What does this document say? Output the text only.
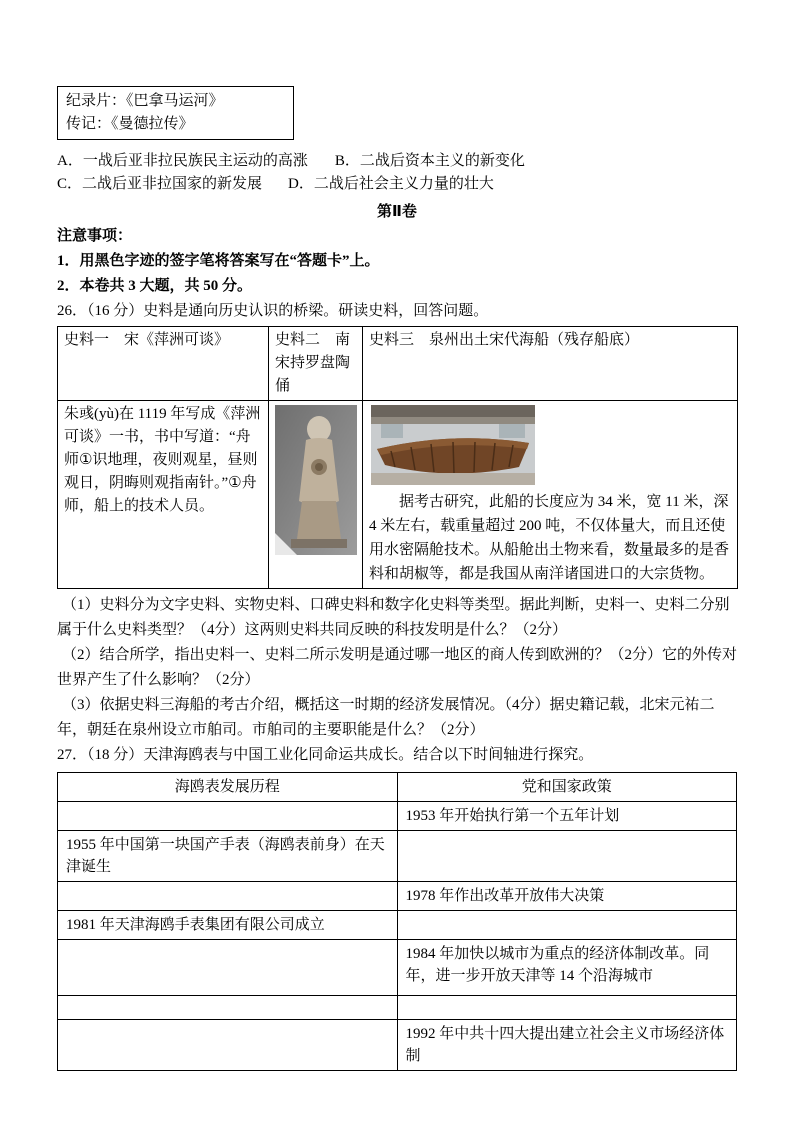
纪录片：《巴拿马运河》
传记：《曼德拉传》
A．一战后亚非拉民族民主运动的高涨 B．二战后资本主义的新变化
C．二战后亚非拉国家的新发展 D．二战后社会主义力量的壮大
第Ⅱ卷
注意事项：
1．用黑色字迹的签字笔将答案写在“答题卡”上。
2．本卷共 3 大题，共 50 分。
26．（16 分）史料是通向历史认识的桥梁。研读史料，回答问题。
史料一　宋《萍洲可谈》	史料二　南宋持罗盘陶俑	史料三　泉州出土宋代海船（残存船底）
朱彧(yù)在 1119 年写成《萍洲可谈》一书，书中写道：“舟师①识地理，夜则观星，昼则观日，阴晦则观指南针。”①舟师，船上的技术人员。		据考古研究，此船的长度应为 34 米，宽 11 米，深 4 米左右，载重量超过 200 吨，不仅体量大，而且还使用水密隔舱技术。从船舱出土物来看，数量最多的是香料和胡椒等，都是我国从南洋诸国进口的大宗货物。
（1）史料分为文字史料、实物史料、口碑史料和数字化史料等类型。据此判断，史料一、史料二分别属于什么史料类型？（4分）这两则史料共同反映的科技发明是什么？（2分）
（2）结合所学，指出史料一、史料二所示发明是通过哪一地区的商人传到欧洲的？（2分）它的外传对世界产生了什么影响？（2分）
（3）依据史料三海船的考古介绍，概括这一时期的经济发展情况。（4分）据史籍记载，北宋元祐二年，朝廷在泉州设立市舶司。市舶司的主要职能是什么？（2分）
27．（18 分）天津海鸥表与中国工业化同命运共成长。结合以下时间轴进行探究。
海鸥表发展历程	党和国家政策
	1953 年开始执行第一个五年计划
1955 年中国第一块国产手表（海鸥表前身）在天津诞生	
	1978 年作出改革开放伟大决策
1981 年天津海鸥手表集团有限公司成立	
	1984 年加快以城市为重点的经济体制改革。同年，进一步开放天津等 14 个沿海城市

	1992 年中共十四大提出建立社会主义市场经济体制
